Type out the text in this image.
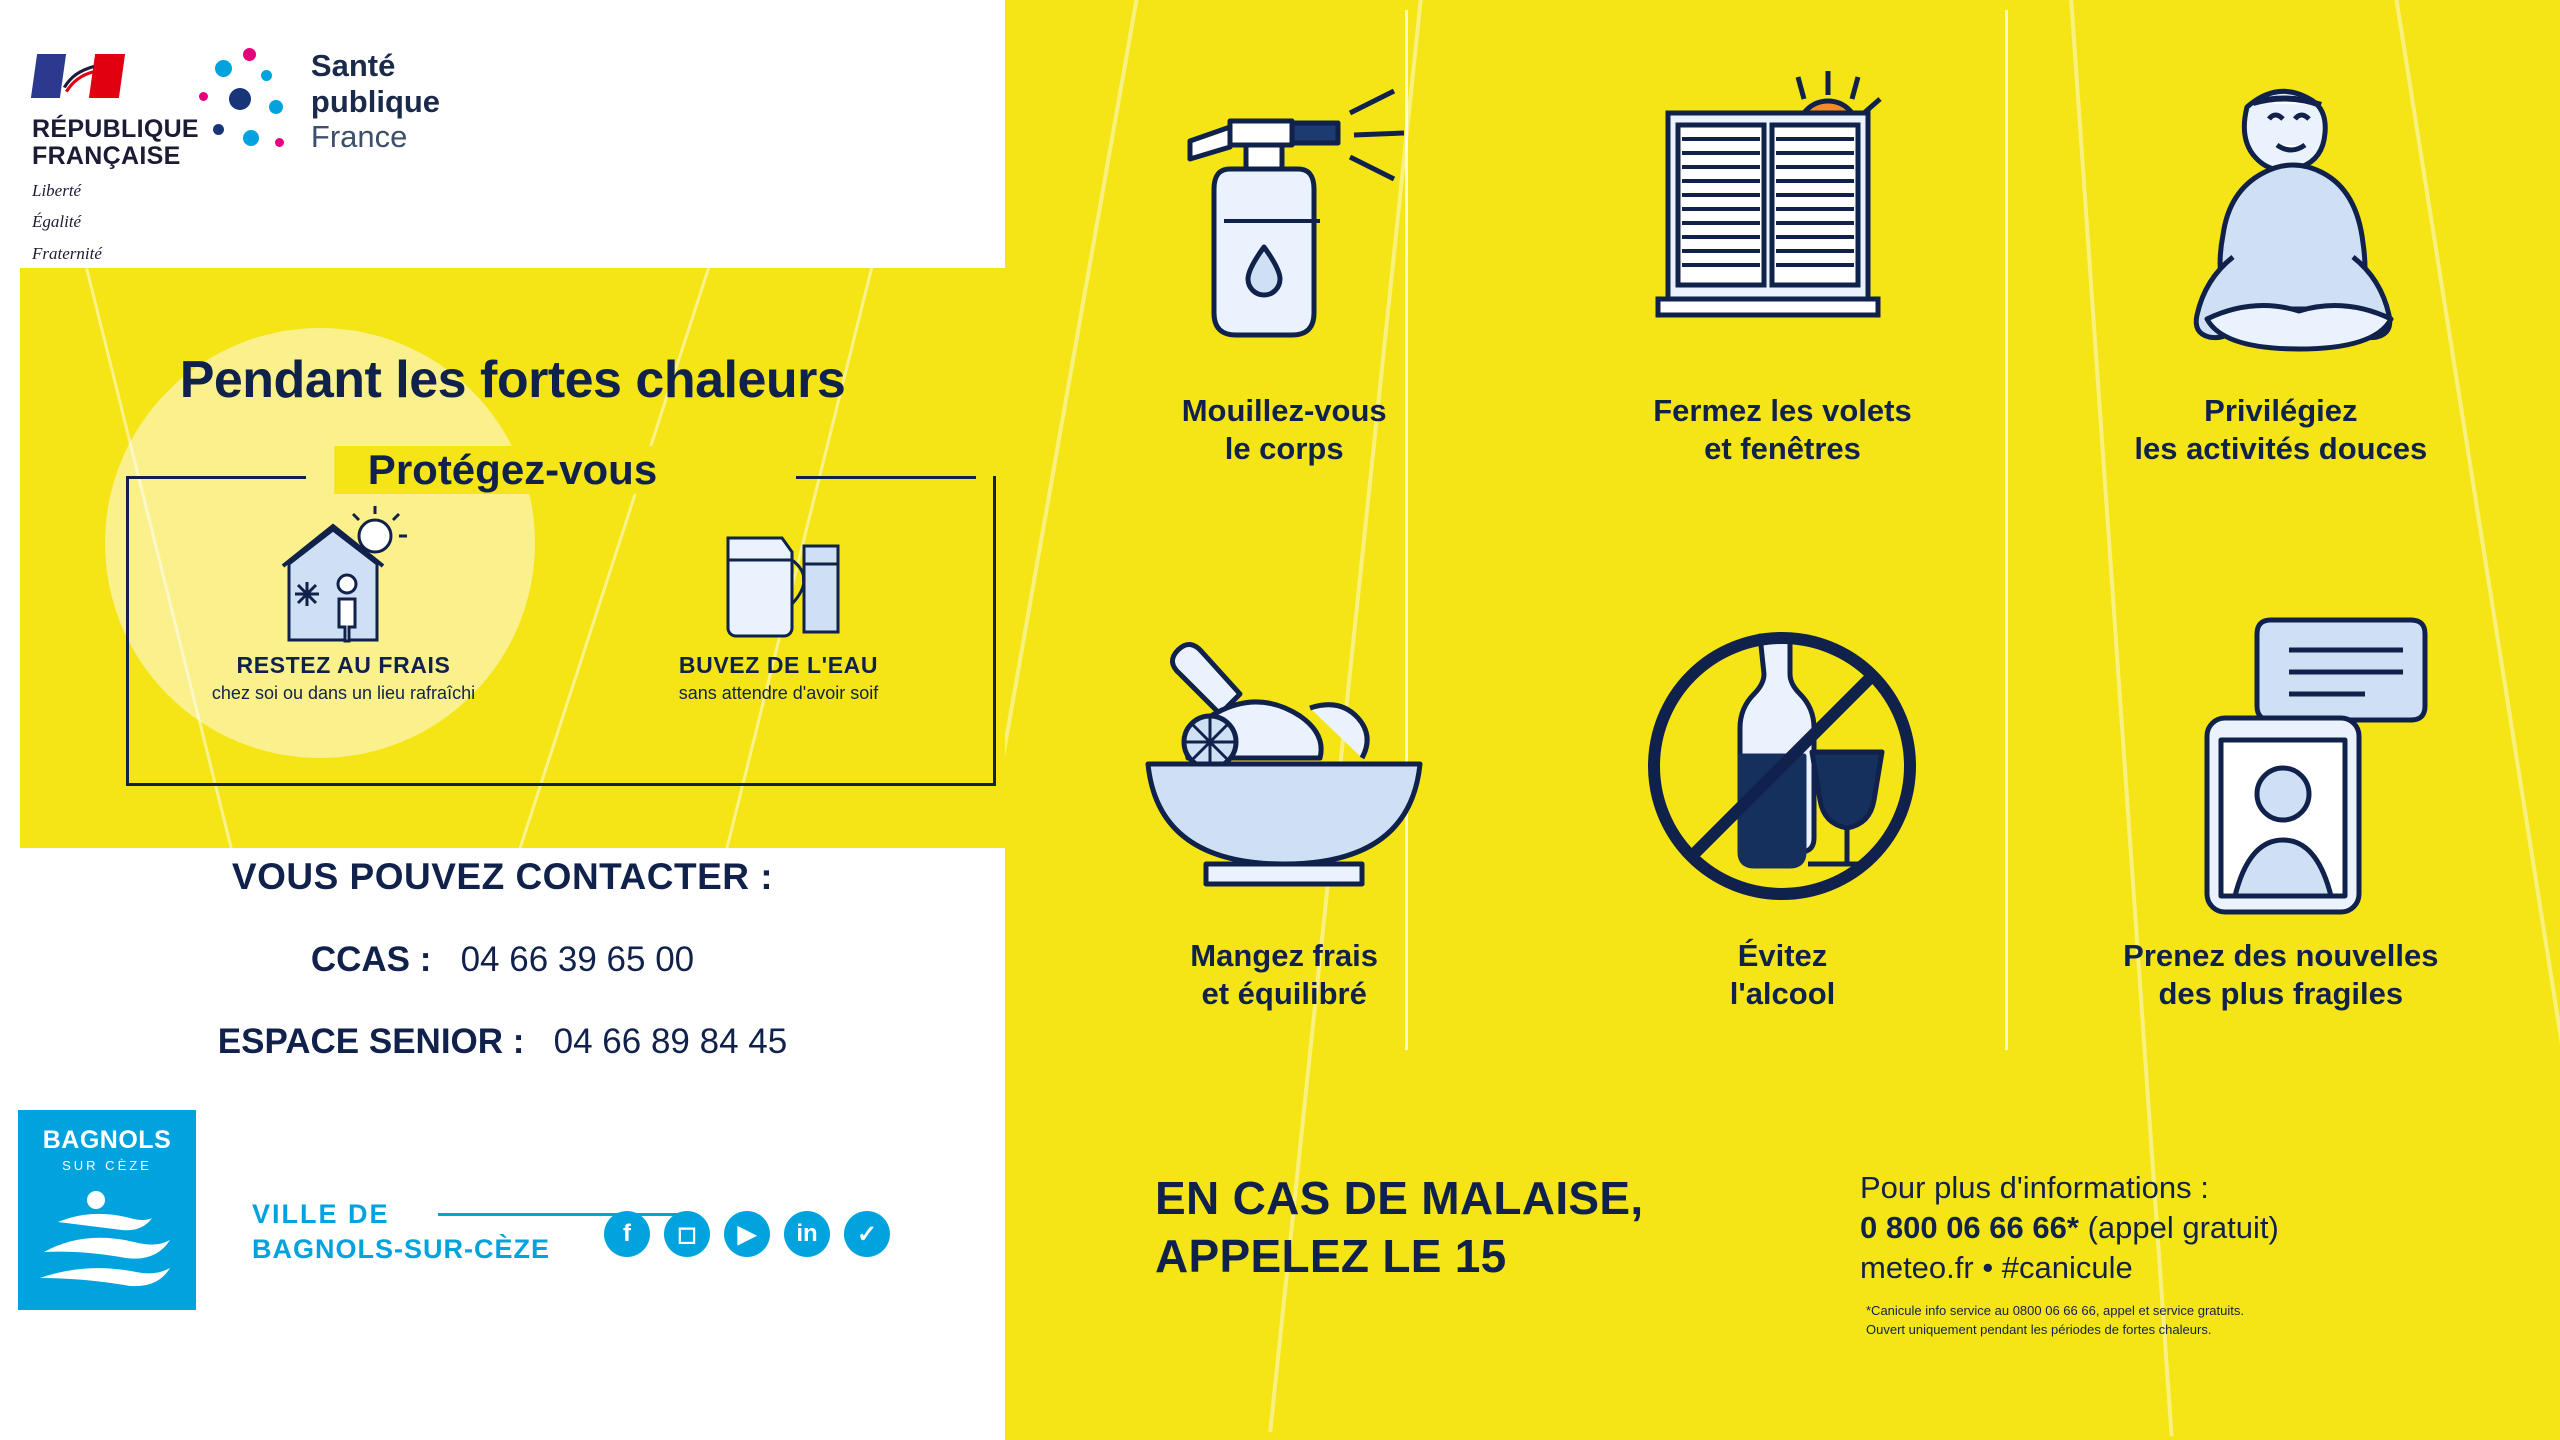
RÉPUBLIQUE
FRANÇAISE
Liberté
Égalité
Fraternité
Santé
publique
France
Pendant les fortes chaleurs
Protégez-vous
RESTEZ AU FRAIS
chez soi ou dans un lieu rafraîchi
BUVEZ DE L'EAU
sans attendre d'avoir soif
VOUS POUVEZ CONTACTER :
CCAS : 04 66 39 65 00
ESPACE SENIOR : 04 66 89 84 45
BAGNOLS
SUR CÈZE
VILLE DE
BAGNOLS-SUR-CÈZE
f	◻	▶	in	✓
Mouillez-vous
le corps
Fermez les volets
et fenêtres
Privilégiez
les activités douces
Mangez frais
et équilibré
Évitez
l'alcool
Prenez des nouvelles
des plus fragiles
EN CAS DE MALAISE,
APPELEZ LE 15
Pour plus d'informations :
0 800 06 66 66* (appel gratuit)
meteo.fr • #canicule
*Canicule info service au 0800 06 66 66, appel et service gratuits.
Ouvert uniquement pendant les périodes de fortes chaleurs.
